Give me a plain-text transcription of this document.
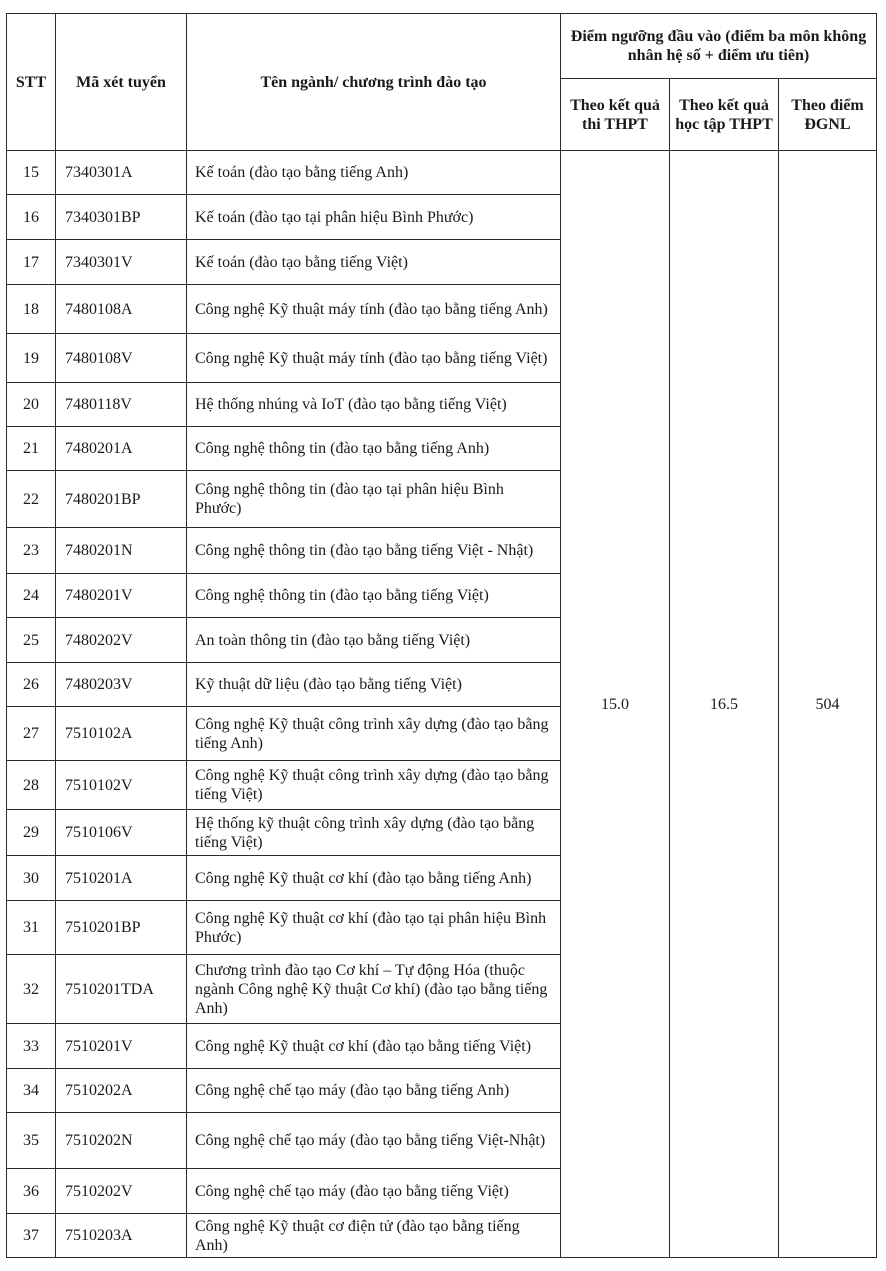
STT	Mã xét tuyển	Tên ngành/ chương trình đào tạo	Điểm ngưỡng đầu vào (điểm ba môn không nhân hệ số + điểm ưu tiên)		
			Theo kết quả thi THPT	Theo kết quả học tập THPT	Theo điểm ĐGNL
15	7340301A	Kế toán (đào tạo bằng tiếng Anh)	15.0	16.5	504
16	7340301BP	Kế toán (đào tạo tại phân hiệu Bình Phước)			
17	7340301V	Kế toán (đào tạo bằng tiếng Việt)			
18	7480108A	Công nghệ Kỹ thuật máy tính (đào tạo bằng tiếng Anh)			
19	7480108V	Công nghệ Kỹ thuật máy tính (đào tạo bằng tiếng Việt)			
20	7480118V	Hệ thống nhúng và IoT (đào tạo bằng tiếng Việt)			
21	7480201A	Công nghệ thông tin (đào tạo bằng tiếng Anh)			
22	7480201BP	Công nghệ thông tin (đào tạo tại phân hiệu Bình Phước)			
23	7480201N	Công nghệ thông tin (đào tạo bằng tiếng Việt - Nhật)			
24	7480201V	Công nghệ thông tin (đào tạo bằng tiếng Việt)			
25	7480202V	An toàn thông tin (đào tạo bằng tiếng Việt)			
26	7480203V	Kỹ thuật dữ liệu (đào tạo bằng tiếng Việt)			
27	7510102A	Công nghệ Kỹ thuật công trình xây dựng (đào tạo bằng tiếng Anh)			
28	7510102V	Công nghệ Kỹ thuật công trình xây dựng (đào tạo bằng tiếng Việt)			
29	7510106V	Hệ thống kỹ thuật công trình xây dựng (đào tạo bằng tiếng Việt)			
30	7510201A	Công nghệ Kỹ thuật cơ khí (đào tạo bằng tiếng Anh)			
31	7510201BP	Công nghệ Kỹ thuật cơ khí (đào tạo tại phân hiệu Bình Phước)			
32	7510201TDA	Chương trình đào tạo Cơ khí – Tự động Hóa (thuộc ngành Công nghệ Kỹ thuật Cơ khí) (đào tạo bằng tiếng Anh)			
33	7510201V	Công nghệ Kỹ thuật cơ khí (đào tạo bằng tiếng Việt)			
34	7510202A	Công nghệ chế tạo máy (đào tạo bằng tiếng Anh)			
35	7510202N	Công nghệ chế tạo máy (đào tạo bằng tiếng Việt-Nhật)			
36	7510202V	Công nghệ chế tạo máy (đào tạo bằng tiếng Việt)			
37	7510203A	Công nghệ Kỹ thuật cơ điện tử (đào tạo bằng tiếng Anh)			
